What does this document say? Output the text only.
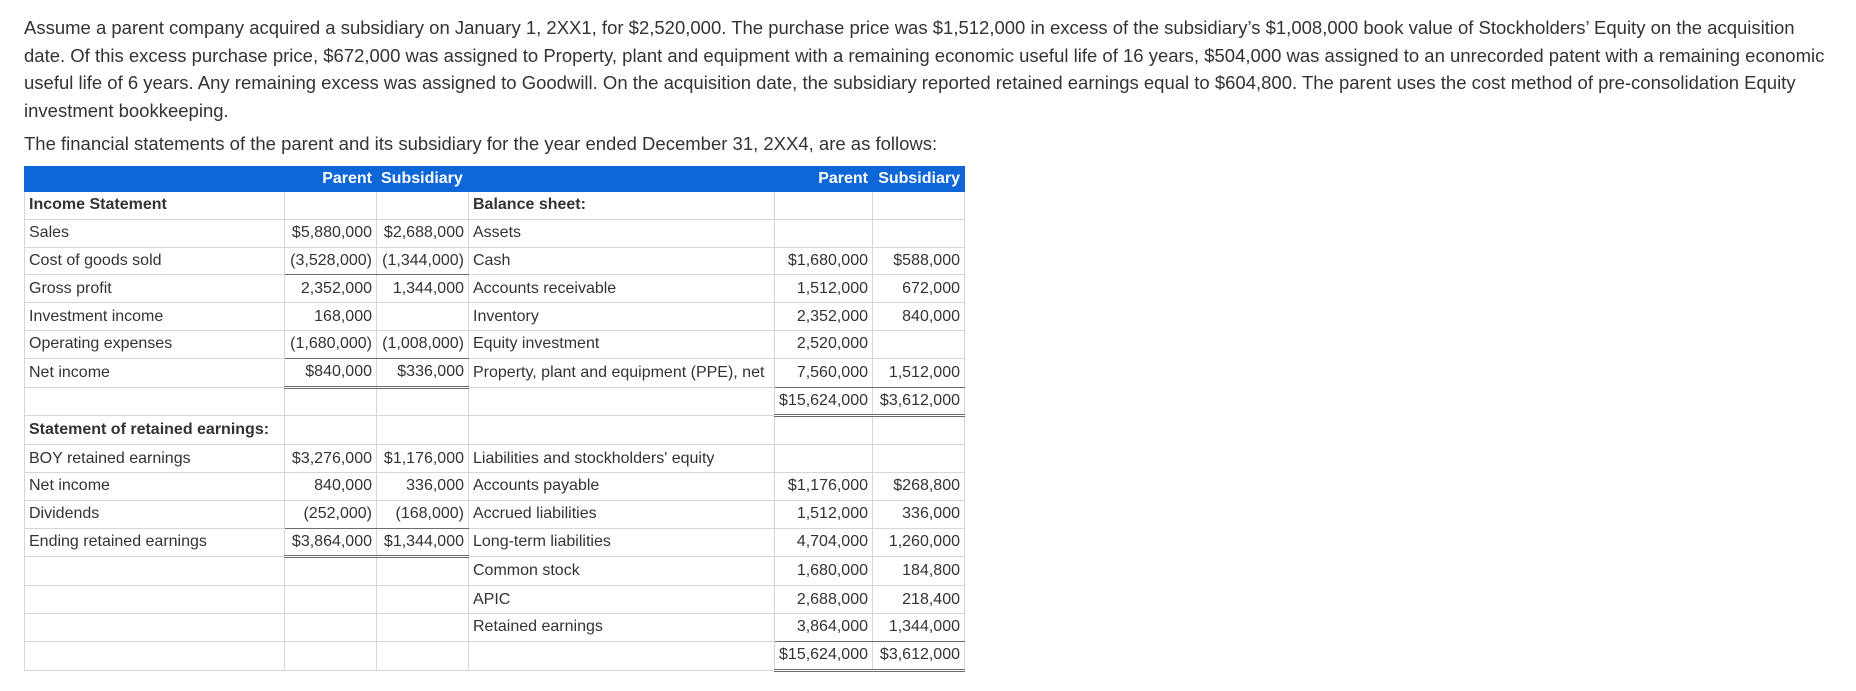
Assume a parent company acquired a subsidiary on January 1, 2XX1, for $2,520,000. The purchase price was $1,512,000 in excess of the subsidiary’s $1,008,000 book value of Stockholders’ Equity on the acquisition date. Of this excess purchase price, $672,000 was assigned to Property, plant and equipment with a remaining economic useful life of 16 years, $504,000 was assigned to an unrecorded patent with a remaining economic useful life of 6 years. Any remaining excess was assigned to Goodwill. On the acquisition date, the subsidiary reported retained earnings equal to $604,800. The parent uses the cost method of pre-consolidation Equity investment bookkeeping.

The financial statements of the parent and its subsidiary for the year ended December 31, 2XX4, are as follows:

	Parent	Subsidiary		Parent	Subsidiary
Income Statement			Balance sheet:		
Sales	$5,880,000	$2,688,000	Assets		
Cost of goods sold	(3,528,000)	(1,344,000)	Cash	$1,680,000	$588,000
Gross profit	2,352,000	1,344,000	Accounts receivable	1,512,000	672,000
Investment income	168,000		Inventory	2,352,000	840,000
Operating expenses	(1,680,000)	(1,008,000)	Equity investment	2,520,000	
Net income	$840,000	$336,000	Property, plant and equipment (PPE), net	7,560,000	1,512,000
				$15,624,000	$3,612,000
Statement of retained earnings:					
BOY retained earnings	$3,276,000	$1,176,000	Liabilities and stockholders' equity		
Net income	840,000	336,000	Accounts payable	$1,176,000	$268,800
Dividends	(252,000)	(168,000)	Accrued liabilities	1,512,000	336,000
Ending retained earnings	$3,864,000	$1,344,000	Long-term liabilities	4,704,000	1,260,000
			Common stock	1,680,000	184,800
			APIC	2,688,000	218,400
			Retained earnings	3,864,000	1,344,000
				$15,624,000	$3,612,000
